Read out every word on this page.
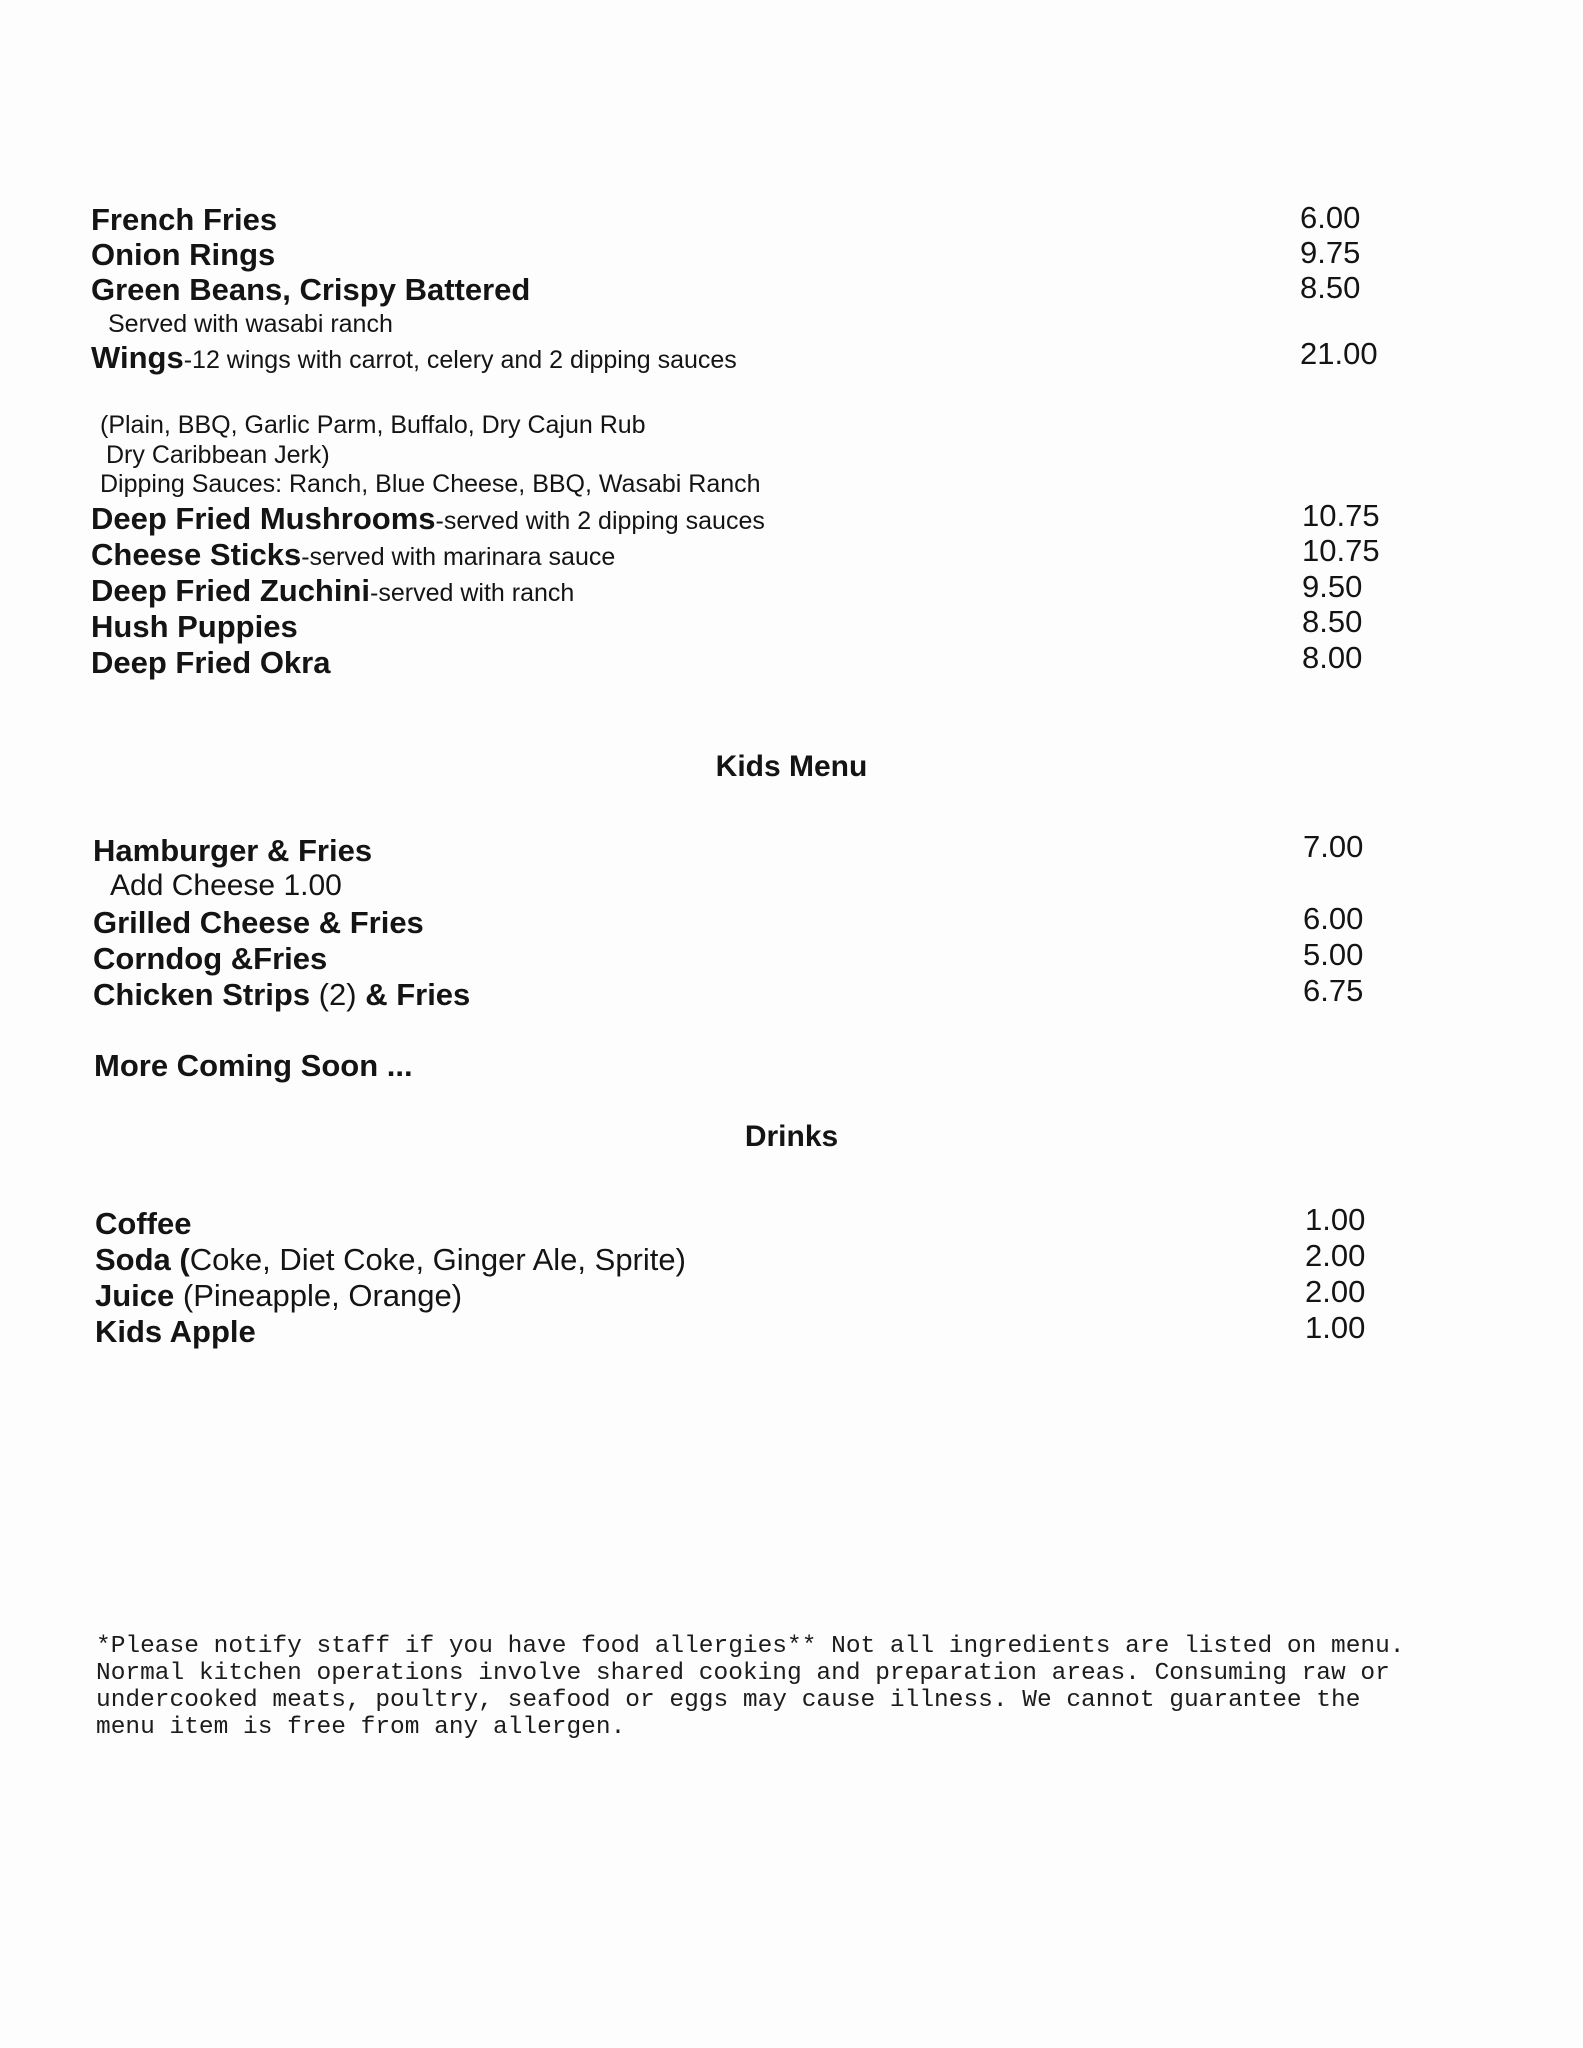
French Fries	6.00
Onion Rings	9.75
Green Beans, Crispy Battered	8.50
Served with wasabi ranch
Wings-12 wings with carrot, celery and 2 dipping sauces	21.00
(Plain, BBQ, Garlic Parm, Buffalo, Dry Cajun Rub
Dry Caribbean Jerk)
Dipping Sauces: Ranch, Blue Cheese, BBQ, Wasabi Ranch
Deep Fried Mushrooms-served with 2 dipping sauces	10.75
Cheese Sticks-served with marinara sauce	10.75
Deep Fried Zuchini-served with ranch	9.50
Hush Puppies	8.50
Deep Fried Okra	8.00
Kids Menu
Hamburger & Fries	7.00
Add Cheese 1.00
Grilled Cheese & Fries	6.00
Corndog &Fries	5.00
Chicken Strips (2) & Fries	6.75
More Coming Soon ...
Drinks
Coffee	1.00
Soda (Coke, Diet Coke, Ginger Ale, Sprite)	2.00
Juice (Pineapple, Orange)	2.00
Kids Apple	1.00
*Please notify staff if you have food allergies** Not all ingredients are listed on menu.
Normal kitchen operations involve shared cooking and preparation areas. Consuming raw or
undercooked meats, poultry, seafood or eggs may cause illness. We cannot guarantee the
menu item is free from any allergen.
